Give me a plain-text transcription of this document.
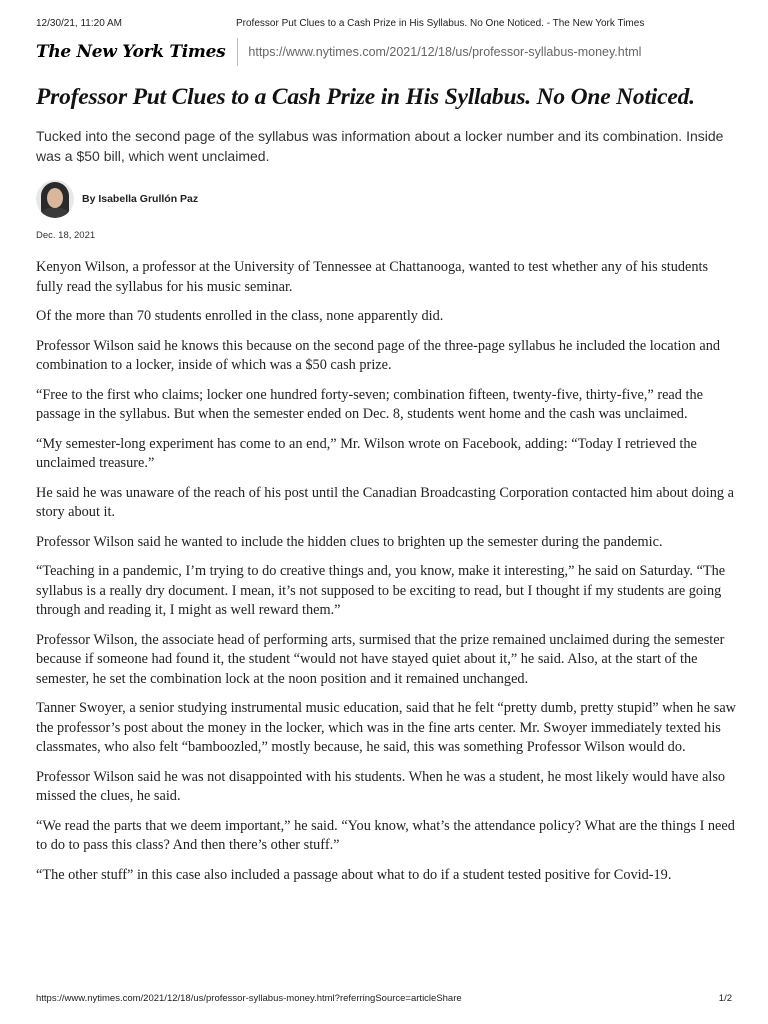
12/30/21, 11:20 AM	Professor Put Clues to a Cash Prize in His Syllabus. No One Noticed. - The New York Times
The New York Times https://www.nytimes.com/2021/12/18/us/professor-syllabus-money.html
Professor Put Clues to a Cash Prize in His Syllabus. No One Noticed.

Tucked into the second page of the syllabus was information about a locker number and its combination. Inside was a $50 bill, which went unclaimed.

By Isabella Grullón Paz
Dec. 18, 2021

Kenyon Wilson, a professor at the University of Tennessee at Chattanooga, wanted to test whether any of his students fully read the syllabus for his music seminar.

Of the more than 70 students enrolled in the class, none apparently did.

Professor Wilson said he knows this because on the second page of the three-page syllabus he included the location and combination to a locker, inside of which was a $50 cash prize.

“Free to the first who claims; locker one hundred forty-seven; combination fifteen, twenty-five, thirty-five,” read the passage in the syllabus. But when the semester ended on Dec. 8, students went home and the cash was unclaimed.

“My semester-long experiment has come to an end,” Mr. Wilson wrote on Facebook, adding: “Today I retrieved the unclaimed treasure.”

He said he was unaware of the reach of his post until the Canadian Broadcasting Corporation contacted him about doing a story about it.

Professor Wilson said he wanted to include the hidden clues to brighten up the semester during the pandemic.

“Teaching in a pandemic, I’m trying to do creative things and, you know, make it interesting,” he said on Saturday. “The syllabus is a really dry document. I mean, it’s not supposed to be exciting to read, but I thought if my students are going through and reading it, I might as well reward them.”

Professor Wilson, the associate head of performing arts, surmised that the prize remained unclaimed during the semester because if someone had found it, the student “would not have stayed quiet about it,” he said. Also, at the start of the semester, he set the combination lock at the noon position and it remained unchanged.

Tanner Swoyer, a senior studying instrumental music education, said that he felt “pretty dumb, pretty stupid” when he saw the professor’s post about the money in the locker, which was in the fine arts center. Mr. Swoyer immediately texted his classmates, who also felt “bamboozled,” mostly because, he said, this was something Professor Wilson would do.

Professor Wilson said he was not disappointed with his students. When he was a student, he most likely would have also missed the clues, he said.

“We read the parts that we deem important,” he said. “You know, what’s the attendance policy? What are the things I need to do to pass this class? And then there’s other stuff.”

“The other stuff” in this case also included a passage about what to do if a student tested positive for Covid-19.

https://www.nytimes.com/2021/12/18/us/professor-syllabus-money.html?referringSource=articleShare	1/2
